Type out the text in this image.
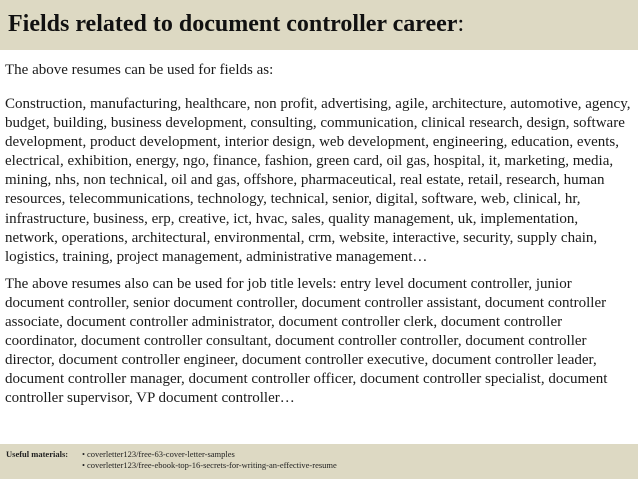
Fields related to document controller career:

The above resumes can be used for fields as:

Construction, manufacturing, healthcare, non profit, advertising, agile, architecture, automotive, agency, budget, building, business development, consulting, communication, clinical research, design, software development, product development, interior design, web development, engineering, education, events, electrical, exhibition, energy, ngo, finance, fashion, green card, oil gas, hospital, it, marketing, media, mining, nhs, non technical, oil and gas, offshore, pharmaceutical, real estate, retail, research, human resources, telecommunications, technology, technical, senior, digital, software, web, clinical, hr, infrastructure, business, erp, creative, ict, hvac, sales, quality management, uk, implementation, network, operations, architectural, environmental, crm, website, interactive, security, supply chain, logistics, training, project management, administrative management…

The above resumes also can be used for job title levels: entry level document controller, junior document controller, senior document controller, document controller assistant, document controller associate, document controller administrator, document controller clerk, document controller coordinator, document controller consultant, document controller controller, document controller director, document controller engineer, document controller executive, document controller leader, document controller manager, document controller officer, document controller specialist, document controller supervisor, VP document controller…

Useful materials: • coverletter123/free-63-cover-letter-samples
• coverletter123/free-ebook-top-16-secrets-for-writing-an-effective-resume
